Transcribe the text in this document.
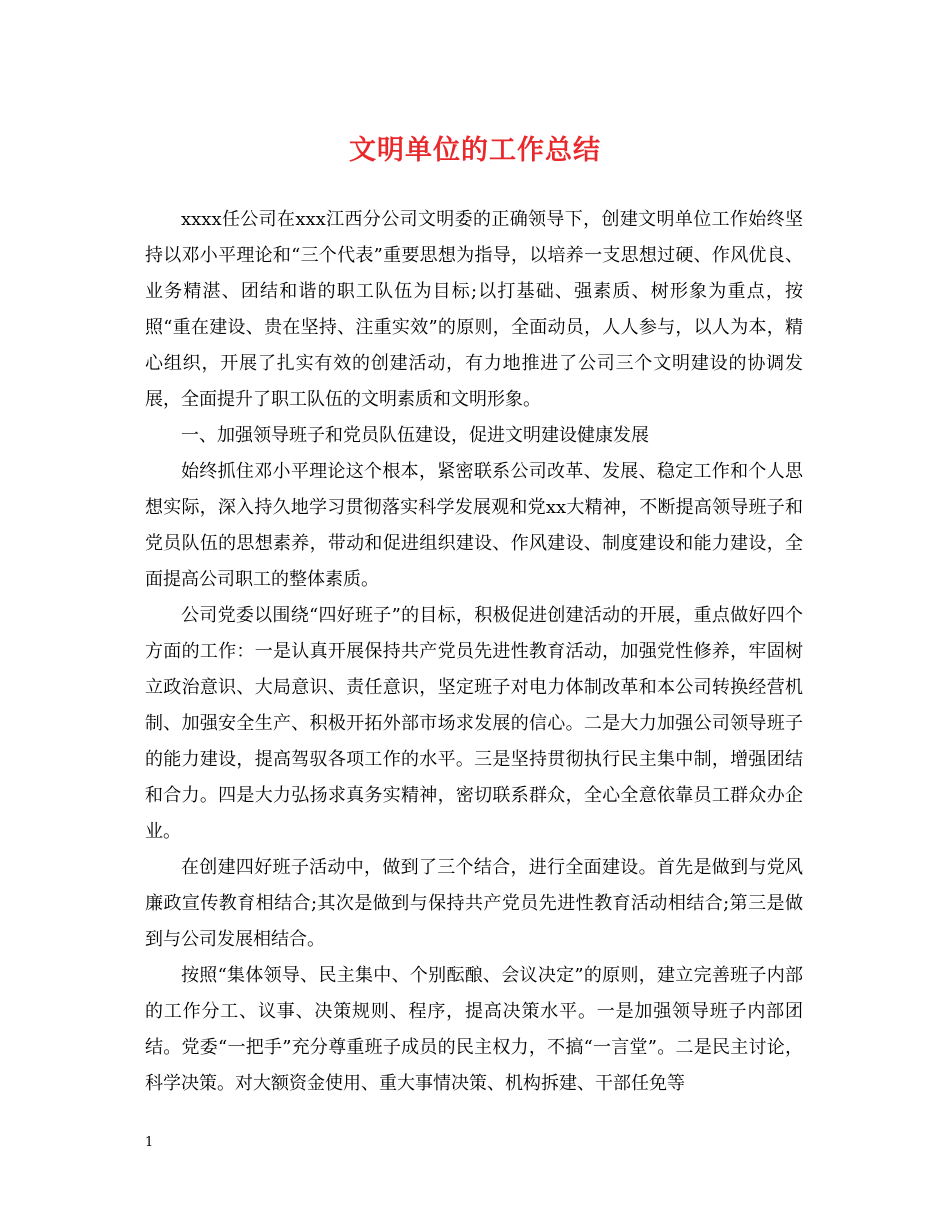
文明单位的工作总结

xxxx任公司在xxx江西分公司文明委的正确领导下，创建文明单位工作始终坚持以邓小平理论和“三个代表”重要思想为指导，以培养一支思想过硬、作风优良、业务精湛、团结和谐的职工队伍为目标;以打基础、强素质、树形象为重点，按照“重在建设、贵在坚持、注重实效”的原则，全面动员，人人参与，以人为本，精心组织，开展了扎实有效的创建活动，有力地推进了公司三个文明建设的协调发展，全面提升了职工队伍的文明素质和文明形象。

一、加强领导班子和党员队伍建设，促进文明建设健康发展

始终抓住邓小平理论这个根本，紧密联系公司改革、发展、稳定工作和个人思想实际，深入持久地学习贯彻落实科学发展观和党xx大精神，不断提高领导班子和党员队伍的思想素养，带动和促进组织建设、作风建设、制度建设和能力建设，全面提高公司职工的整体素质。

公司党委以围绕“四好班子”的目标，积极促进创建活动的开展，重点做好四个方面的工作：一是认真开展保持共产党员先进性教育活动，加强党性修养，牢固树立政治意识、大局意识、责任意识，坚定班子对电力体制改革和本公司转换经营机制、加强安全生产、积极开拓外部市场求发展的信心。二是大力加强公司领导班子的能力建设，提高驾驭各项工作的水平。三是坚持贯彻执行民主集中制，增强团结和合力。四是大力弘扬求真务实精神，密切联系群众，全心全意依靠员工群众办企业。

在创建四好班子活动中，做到了三个结合，进行全面建设。首先是做到与党风廉政宣传教育相结合;其次是做到与保持共产党员先进性教育活动相结合;第三是做到与公司发展相结合。

按照“集体领导、民主集中、个别酝酿、会议决定”的原则，建立完善班子内部的工作分工、议事、决策规则、程序，提高决策水平。一是加强领导班子内部团结。党委“一把手”充分尊重班子成员的民主权力，不搞“一言堂”。二是民主讨论，科学决策。对大额资金使用、重大事情决策、机构拆建、干部任免等

1
